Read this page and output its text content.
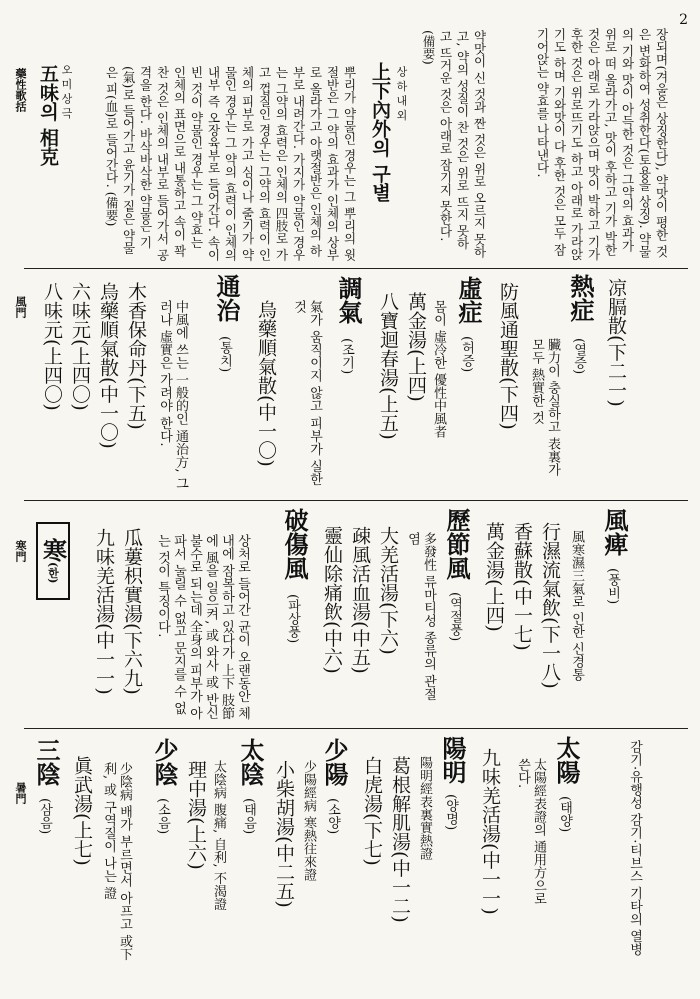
2
藥性歌括
風門
寒門
暑門
장되며(겨울은 상징한다), 약맛이 평한 것은 변화하여 성취한다(토용을 상징). 약물의 기와 맛이 아득한 것은 그약의 효과가 위로 떠 올라가고, 맛이 후하고 기가 박한 것은 아래로 가라앉으며 맛이 박하고 기가 후한 것은 위로뜨기도 하고 아래로 가라앉기도 하며 기와맛이 다 후한 것은 모두 잠기어앉는 약효를 나타낸다.
약맛이 신 것과 짠 것은 위로 오르지 못하고, 약의 성질이 찬 것은 위로 뜨지 못하고 뜨거운 것은 아래로 잠기지 못한다. (備要)
상 하 내 외
上下內外의 구별
뿌리가 약물인 경우는 그 뿌리의 윗절반은 그 약의 효과가 인체의 상부로 올라가고 아랫절반은 인체의 하부로 내려간다. 가지가 약물인 경우는 그약의 효력은 인체의 四肢로 가고 껍질인 경우는 그약의 효력이 인체의 피부로 가고 심이나 줄기가 약물인 경우는 그 약의 효력이 인체의 내부 즉 오장육부로 들어간다. 속이 빈 것이 약물인 경우는 그 약효는 인체의 표면으로 내통하고 속이 꽉 찬 것은 인체의 내부로 들어가서 공격을 한다. 바삭바삭한 약물은 기(氣)로 들어가고 윤기가 짙은 약물은 피(血)로 들어간다. (備要)
오 미 상 극
五味의 相克
凉膈散(下二一)
熱症
(열증)
臟力이 충실하고 表裏가 모두 熱實한 것
防風通聖散(下四)
虛症
(허증)
몸이 虛冷한 優性中風者
萬金湯(上四)
八寶迴春湯(上五)
調氣
(조기)
氣가 움직이지 않고 피부가 실한 것
烏藥順氣散(中一〇)
通治
(통치)
中風에 쓰는 一般的인 通治方, 그러나 虛實은 가려야 한다.
木香保命丹(下五)
烏藥順氣散(中一〇)
六味元(上四〇)
八味元(上四〇)
風痺
(풍비)
風寒濕三氣로 인한 신경통
行濕流氣飲(下一八)
香蘇散(中一七)
萬金湯(上四)
歷節風
(역절풍)
多發性 류마티성 종류의 관절염
大羌活湯(下六)
疎風活血湯(中五)
靈仙除痛飲(中六)
破傷風
(파상풍)
상처로 들어간 균이 오랜동안 체내에 잠복하고 있다가 上下 肢節에 風을 일으켜, 或 와사 或 반신불수로 되는데 全身의 피부가 아파서 눌릴 수 없고 문지를 수 없는 것이 특징이다.
瓜蔞枳實湯(下六九)
九味羌活湯(中一一)
寒(한)
감기·유행성 감기·티브스 기타의 열병
太陽
(태양)
太陽經表證의 通用方으로 쓴다.
九味羌活湯(中一一)
陽明
(양명)
陽明經表裏實熱證
葛根解肌湯(中一二)
白虎湯(下七)
少陽
(소양)
少陽經病 寒熱往來證
小柴胡湯(中二五)
太陰
(태음)
太陰病 腹痛, 自利, 不渴證
理中湯(上六)
少陰
(소음)
少陰病 배가 부르면서 아프고 或下利, 或 구역질이 나는 證
眞武湯(上七)
三陰
(삼음)
